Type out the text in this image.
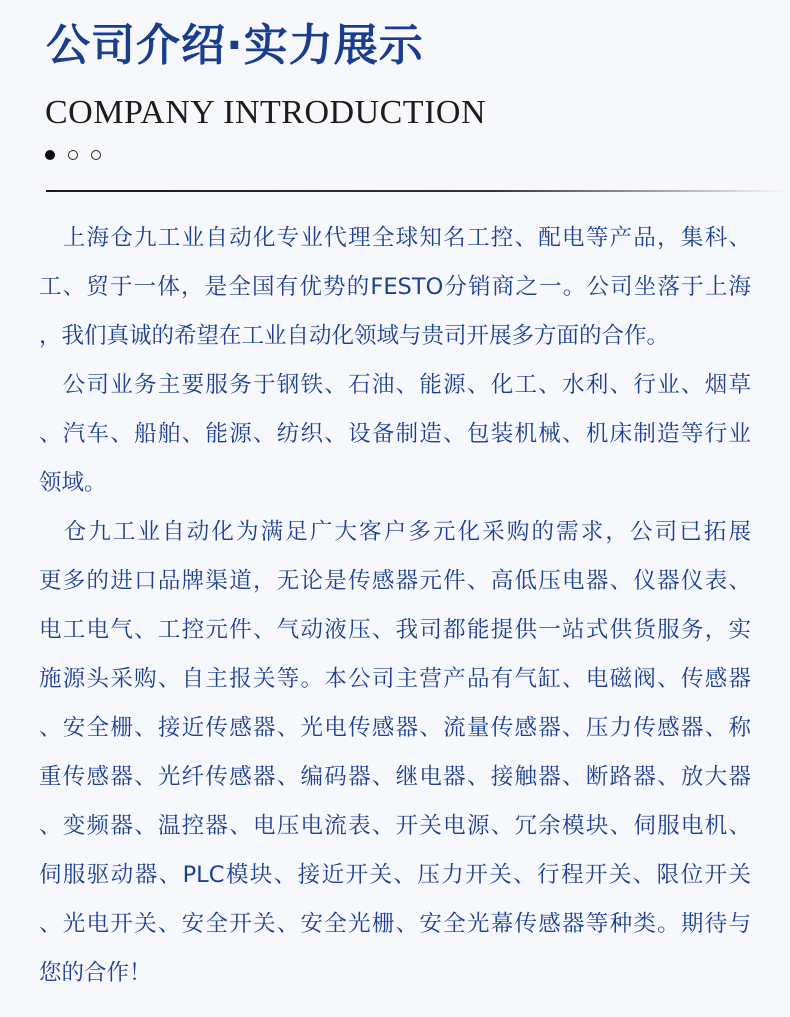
公司介绍·实力展示
COMPANY INTRODUCTION

　上海仓九工业自动化专业代理全球知名工控、配电等产品，集科、
工、贸于一体，是全国有优势的FESTO分销商之一。公司坐落于上海
，我们真诚的希望在工业自动化领域与贵司开展多方面的合作。

　公司业务主要服务于钢铁、石油、能源、化工、水利、行业、烟草
、汽车、船舶、能源、纺织、设备制造、包装机械、机床制造等行业
领域。

　仓九工业自动化为满足广大客户多元化采购的需求，公司已拓展
更多的进口品牌渠道，无论是传感器元件、高低压电器、仪器仪表、
电工电气、工控元件、气动液压、我司都能提供一站式供货服务，实
施源头采购、自主报关等。本公司主营产品有气缸、电磁阀、传感器
、安全栅、接近传感器、光电传感器、流量传感器、压力传感器、称
重传感器、光纤传感器、编码器、继电器、接触器、断路器、放大器
、变频器、温控器、电压电流表、开关电源、冗余模块、伺服电机、
伺服驱动器、PLC模块、接近开关、压力开关、行程开关、限位开关
、光电开关、安全开关、安全光栅、安全光幕传感器等种类。期待与
您的合作！
